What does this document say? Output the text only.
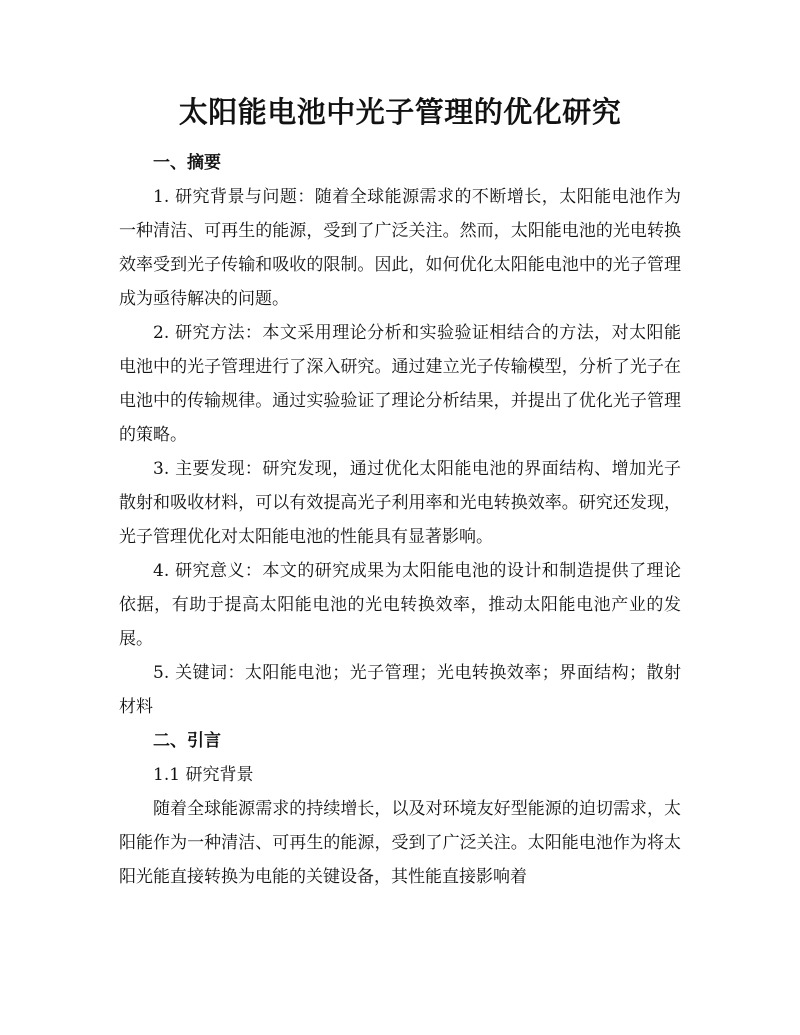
太阳能电池中光子管理的优化研究

一、摘要

1. 研究背景与问题：随着全球能源需求的不断增长，太阳能电池作为一种清洁、可再生的能源，受到了广泛关注。然而，太阳能电池的光电转换效率受到光子传输和吸收的限制。因此，如何优化太阳能电池中的光子管理成为亟待解决的问题。

2. 研究方法：本文采用理论分析和实验验证相结合的方法，对太阳能电池中的光子管理进行了深入研究。通过建立光子传输模型，分析了光子在电池中的传输规律。通过实验验证了理论分析结果，并提出了优化光子管理的策略。

3. 主要发现：研究发现，通过优化太阳能电池的界面结构、增加光子散射和吸收材料，可以有效提高光子利用率和光电转换效率。研究还发现，光子管理优化对太阳能电池的性能具有显著影响。

4. 研究意义：本文的研究成果为太阳能电池的设计和制造提供了理论依据，有助于提高太阳能电池的光电转换效率，推动太阳能电池产业的发展。

5. 关键词：太阳能电池；光子管理；光电转换效率；界面结构；散射材料

二、引言

1.1 研究背景

随着全球能源需求的持续增长，以及对环境友好型能源的迫切需求，太阳能作为一种清洁、可再生的能源，受到了广泛关注。太阳能电池作为将太阳光能直接转换为电能的关键设备，其性能直接影响着
